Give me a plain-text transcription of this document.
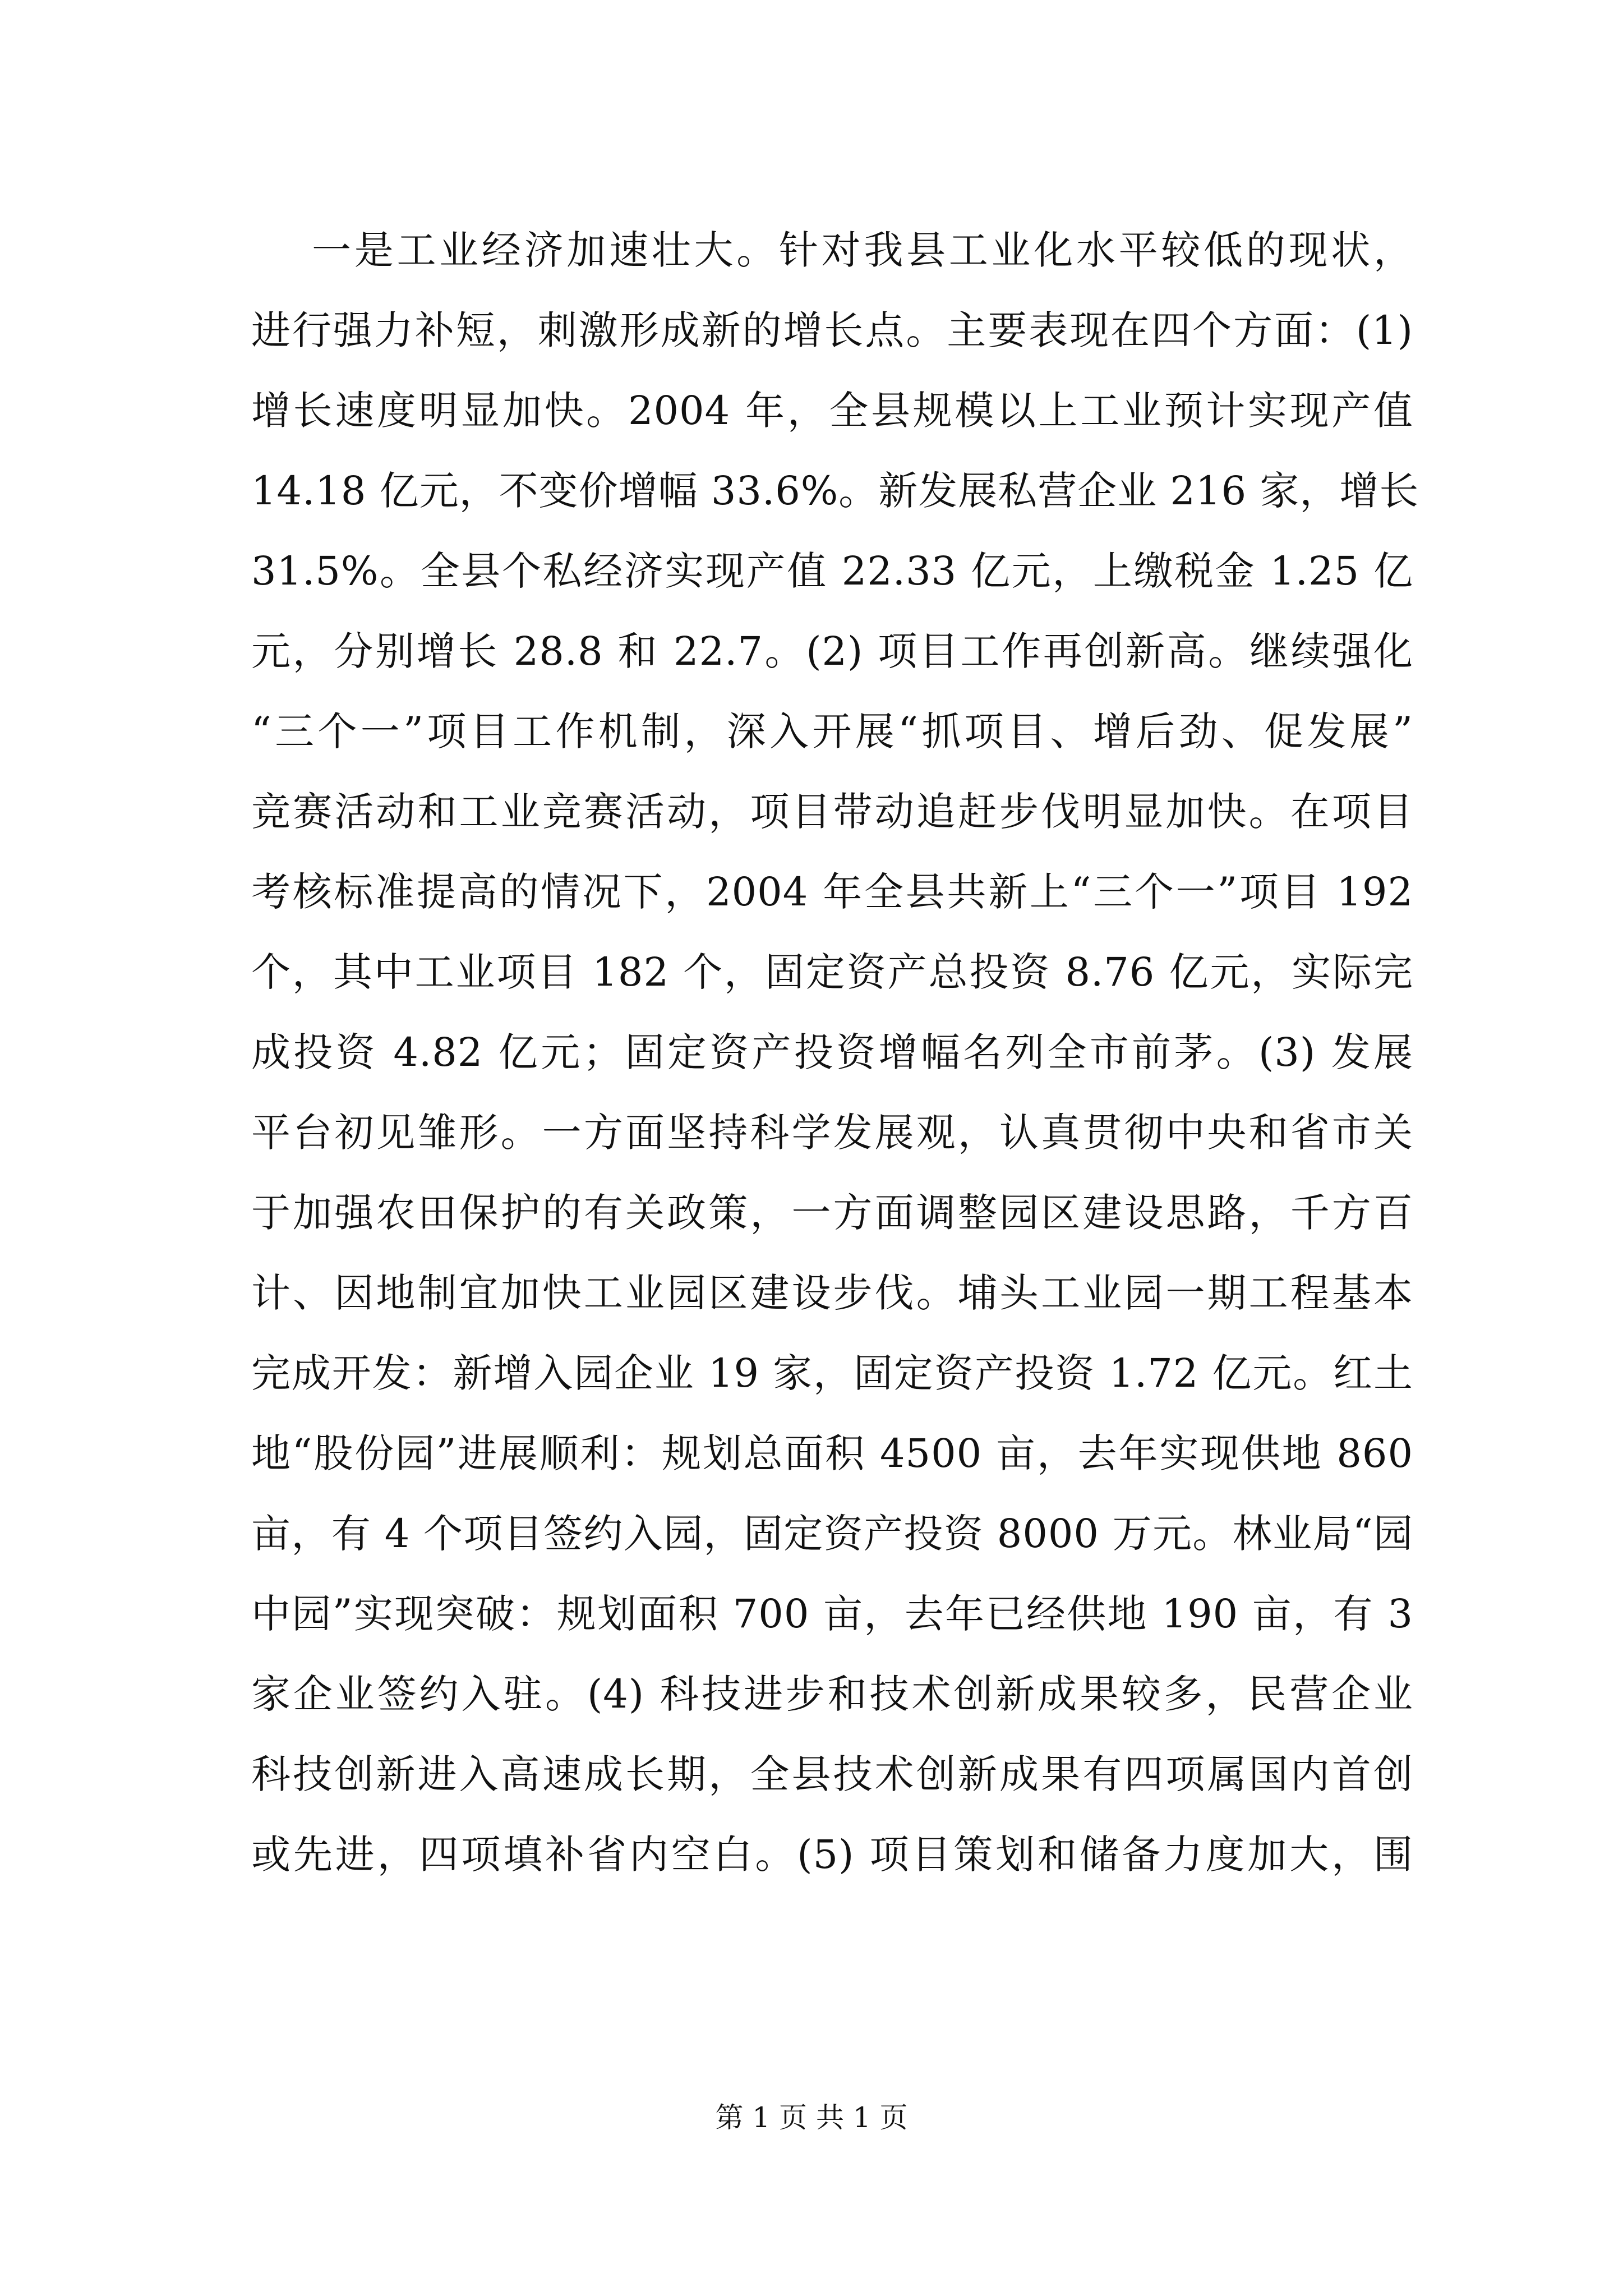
一是工业经济加速壮大。针对我县工业化水平较低的现状，
进行强力补短，刺激形成新的增长点。主要表现在四个方面：(1)
增长速度明显加快。2004 年，全县规模以上工业预计实现产值
14.18 亿元，不变价增幅 33.6%。新发展私营企业 216 家，增长
31.5%。全县个私经济实现产值 22.33 亿元，上缴税金 1.25 亿
元，分别增长 28.8 和 22.7。(2) 项目工作再创新高。继续强化
“三个一”项目工作机制，深入开展“抓项目、增后劲、促发展”
竞赛活动和工业竞赛活动，项目带动追赶步伐明显加快。在项目
考核标准提高的情况下，2004 年全县共新上“三个一”项目 192
个，其中工业项目 182 个，固定资产总投资 8.76 亿元，实际完
成投资 4.82 亿元；固定资产投资增幅名列全市前茅。(3) 发展
平台初见雏形。一方面坚持科学发展观，认真贯彻中央和省市关
于加强农田保护的有关政策，一方面调整园区建设思路，千方百
计、因地制宜加快工业园区建设步伐。埔头工业园一期工程基本
完成开发：新增入园企业 19 家，固定资产投资 1.72 亿元。红土
地“股份园”进展顺利：规划总面积 4500 亩，去年实现供地 860
亩，有 4 个项目签约入园，固定资产投资 8000 万元。林业局“园
中园”实现突破：规划面积 700 亩，去年已经供地 190 亩，有 3
家企业签约入驻。(4) 科技进步和技术创新成果较多，民营企业
科技创新进入高速成长期，全县技术创新成果有四项属国内首创
或先进，四项填补省内空白。(5) 项目策划和储备力度加大，围
第 1 页 共 1 页
